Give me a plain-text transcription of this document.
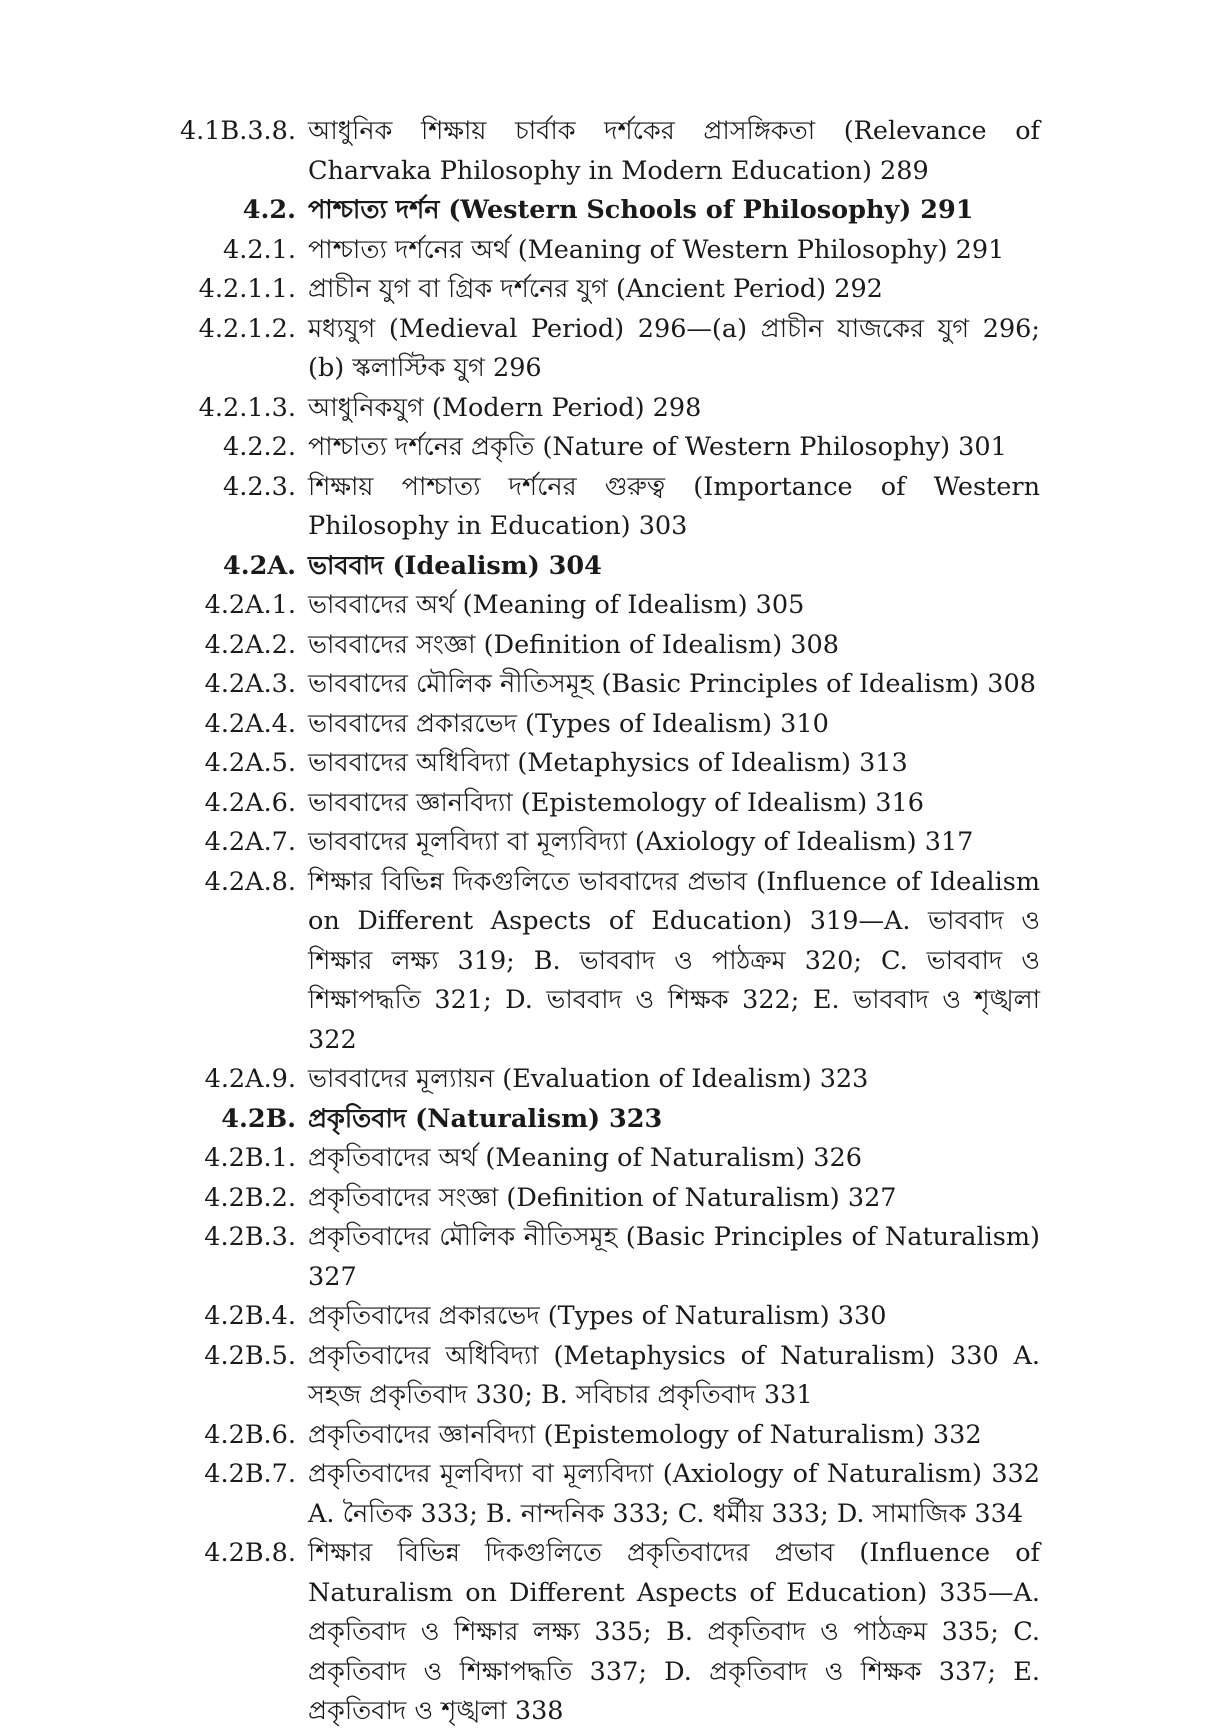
4.1B.3.8. আধুনিক শিক্ষায় চার্বাক দর্শকের প্রাসঙ্গিকতা (Relevance of Charvaka Philosophy in Modern Education) 289
4.2. পাশ্চাত্য দর্শন (Western Schools of Philosophy) 291
4.2.1. পাশ্চাত্য দর্শনের অর্থ (Meaning of Western Philosophy) 291
4.2.1.1. প্রাচীন যুগ বা গ্রিক দর্শনের যুগ (Ancient Period) 292
4.2.1.2. মধ্যযুগ (Medieval Period) 296—(a) প্রাচীন যাজকের যুগ 296; (b) স্কলাস্টিক যুগ 296
4.2.1.3. আধুনিকযুগ (Modern Period) 298
4.2.2. পাশ্চাত্য দর্শনের প্রকৃতি (Nature of Western Philosophy) 301
4.2.3. শিক্ষায় পাশ্চাত্য দর্শনের গুরুত্ব (Importance of Western Philosophy in Education) 303
4.2A. ভাববাদ (Idealism) 304
4.2A.1. ভাববাদের অর্থ (Meaning of Idealism) 305
4.2A.2. ভাববাদের সংজ্ঞা (Definition of Idealism) 308
4.2A.3. ভাববাদের মৌলিক নীতিসমূহ (Basic Principles of Idealism) 308
4.2A.4. ভাববাদের প্রকারভেদ (Types of Idealism) 310
4.2A.5. ভাববাদের অধিবিদ্যা (Metaphysics of Idealism) 313
4.2A.6. ভাববাদের জ্ঞানবিদ্যা (Epistemology of Idealism) 316
4.2A.7. ভাববাদের মূলবিদ্যা বা মূল্যবিদ্যা (Axiology of Idealism) 317
4.2A.8. শিক্ষার বিভিন্ন দিকগুলিতে ভাববাদের প্রভাব (Influence of Idealism on Different Aspects of Education) 319—A. ভাববাদ ও শিক্ষার লক্ষ্য 319; B. ভাববাদ ও পাঠক্রম 320; C. ভাববাদ ও শিক্ষাপদ্ধতি 321; D. ভাববাদ ও শিক্ষক 322; E. ভাববাদ ও শৃঙ্খলা 322
4.2A.9. ভাববাদের মূল্যায়ন (Evaluation of Idealism) 323
4.2B. প্রকৃতিবাদ (Naturalism) 323
4.2B.1. প্রকৃতিবাদের অর্থ (Meaning of Naturalism) 326
4.2B.2. প্রকৃতিবাদের সংজ্ঞা (Definition of Naturalism) 327
4.2B.3. প্রকৃতিবাদের মৌলিক নীতিসমূহ (Basic Principles of Naturalism) 327
4.2B.4. প্রকৃতিবাদের প্রকারভেদ (Types of Naturalism) 330
4.2B.5. প্রকৃতিবাদের অধিবিদ্যা (Metaphysics of Naturalism) 330 A. সহজ প্রকৃতিবাদ 330; B. সবিচার প্রকৃতিবাদ 331
4.2B.6. প্রকৃতিবাদের জ্ঞানবিদ্যা (Epistemology of Naturalism) 332
4.2B.7. প্রকৃতিবাদের মূলবিদ্যা বা মূল্যবিদ্যা (Axiology of Naturalism) 332 A. নৈতিক 333; B. নান্দনিক 333; C. ধর্মীয় 333; D. সামাজিক 334
4.2B.8. শিক্ষার বিভিন্ন দিকগুলিতে প্রকৃতিবাদের প্রভাব (Influence of Naturalism on Different Aspects of Education) 335—A. প্রকৃতিবাদ ও শিক্ষার লক্ষ্য 335; B. প্রকৃতিবাদ ও পাঠক্রম 335; C. প্রকৃতিবাদ ও শিক্ষাপদ্ধতি 337; D. প্রকৃতিবাদ ও শিক্ষক 337; E. প্রকৃতিবাদ ও শৃঙ্খলা 338
